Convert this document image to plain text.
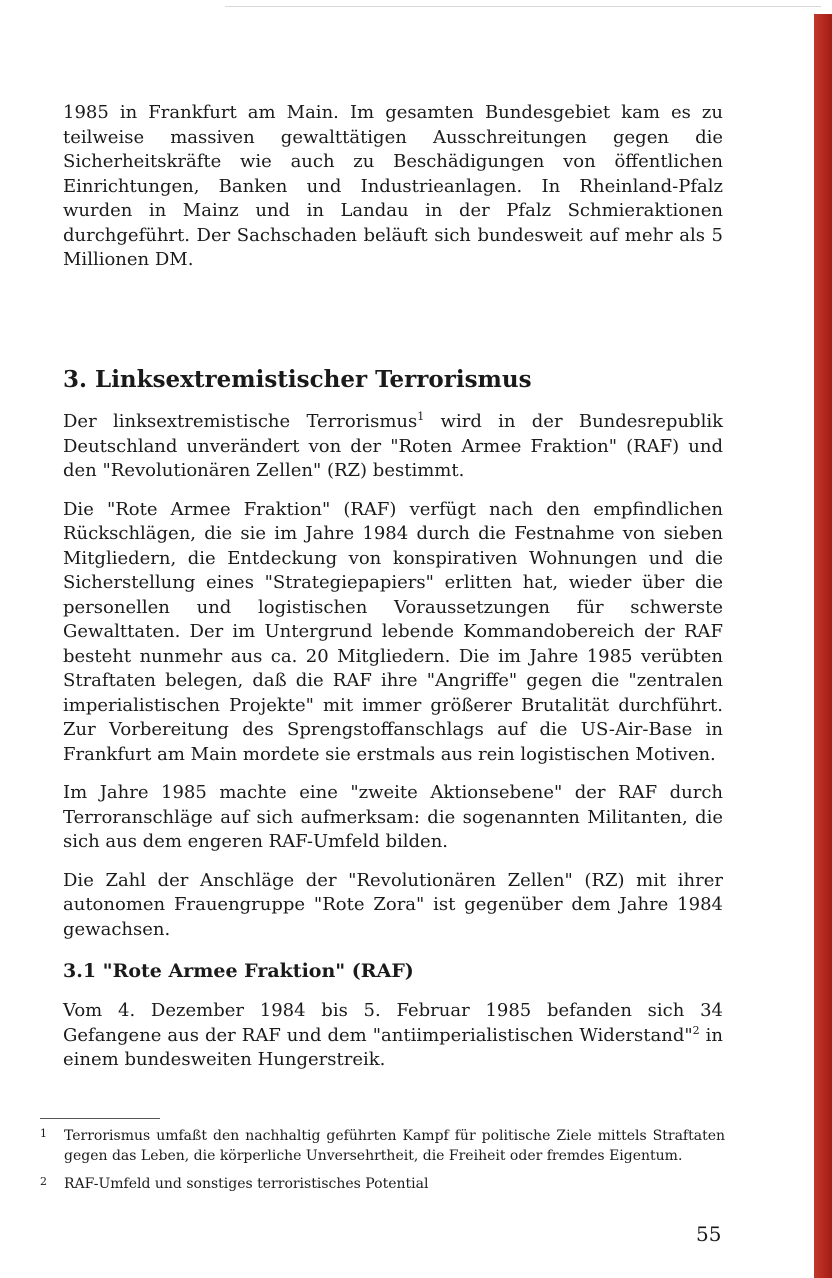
1985 in Frankfurt am Main. Im gesamten Bundesgebiet kam es zu teilweise massiven gewalttätigen Ausschreitungen gegen die Sicherheitskräfte wie auch zu Beschädigungen von öffentlichen Einrichtungen, Banken und Industrieanlagen. In Rheinland-Pfalz wurden in Mainz und in Landau in der Pfalz Schmieraktionen durchgeführt. Der Sachschaden beläuft sich bundesweit auf mehr als 5 Millionen DM.

3. Linksextremistischer Terrorismus

Der linksextremistische Terrorismus$^1$ wird in der Bundesrepublik Deutschland unverändert von der "Roten Armee Fraktion" (RAF) und den "Revolutionären Zellen" (RZ) bestimmt.

Die "Rote Armee Fraktion" (RAF) verfügt nach den empfindlichen Rückschlägen, die sie im Jahre 1984 durch die Festnahme von sieben Mitgliedern, die Entdeckung von konspirativen Wohnungen und die Sicherstellung eines "Strategiepapiers" erlitten hat, wieder über die personellen und logistischen Voraussetzungen für schwerste Gewalttaten. Der im Untergrund lebende Kommandobereich der RAF besteht nunmehr aus ca. 20 Mitgliedern. Die im Jahre 1985 verübten Straftaten belegen, daß die RAF ihre "Angriffe" gegen die "zentralen imperialistischen Projekte" mit immer größerer Brutalität durchführt. Zur Vorbereitung des Sprengstoffanschlags auf die US-Air-Base in Frankfurt am Main mordete sie erstmals aus rein logistischen Motiven.

Im Jahre 1985 machte eine "zweite Aktionsebene" der RAF durch Terroranschläge auf sich aufmerksam: die sogenannten Militanten, die sich aus dem engeren RAF-Umfeld bilden.

Die Zahl der Anschläge der "Revolutionären Zellen" (RZ) mit ihrer autonomen Frauengruppe "Rote Zora" ist gegenüber dem Jahre 1984 gewachsen.

3.1 "Rote Armee Fraktion" (RAF)

Vom 4. Dezember 1984 bis 5. Februar 1985 befanden sich 34 Gefangene aus der RAF und dem "antiimperialistischen Widerstand"$^2$ in einem bundesweiten Hungerstreik.

1	Terrorismus umfaßt den nachhaltig geführten Kampf für politische Ziele mittels Straftaten gegen das Leben, die körperliche Unversehrtheit, die Freiheit oder fremdes Eigentum.
2	RAF-Umfeld und sonstiges terroristisches Potential

55
